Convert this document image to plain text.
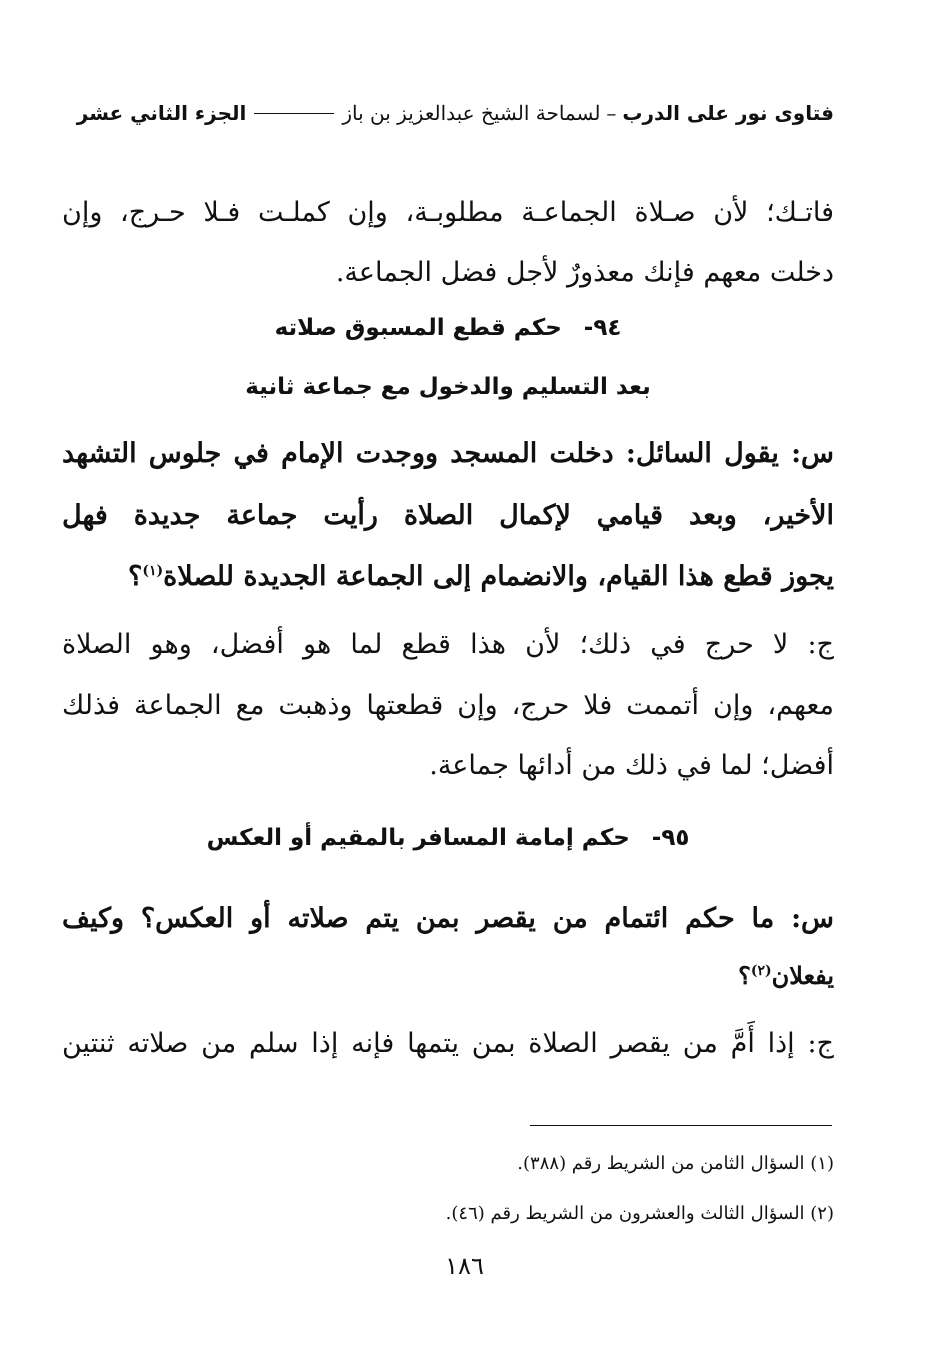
فتاوى نور على الدرب
–
لسماحة الشيخ عبدالعزيز بن باز
الجزء الثاني عشر
فاتـك؛ لأن صـلاة الجماعـة مطلوبـة، وإن كملـت فـلا حـرج، وإن
دخلت معهم فإنك معذورٌ لأجل فضل الجماعة.
٩٤-حكم قطع المسبوق صلاته
بعد التسليم والدخول مع جماعة ثانية
س: يقول السائل: دخلت المسجد ووجدت الإمام في جلوس التشهد
الأخير، وبعد قيامي لإكمال الصلاة رأيت جماعة جديدة فهل
يجوز قطع هذا القيام، والانضمام إلى الجماعة الجديدة للصلاة$^{(١)}$؟
ج: لا حرج في ذلك؛ لأن هذا قطع لما هو أفضل، وهو الصلاة
معهم، وإن أتممت فلا حرج، وإن قطعتها وذهبت مع الجماعة فذلك
أفضل؛ لما في ذلك من أدائها جماعة.
٩٥-حكم إمامة المسافر بالمقيم أو العكس
س: ما حكم ائتمام من يقصر بمن يتم صلاته أو العكس؟ وكيف
يفعلان$^{(٢)}$؟
ج: إذا أَمَّ من يقصر الصلاة بمن يتمها فإنه إذا سلم من صلاته ثنتين
(١) السؤال الثامن من الشريط رقم (٣٨٨).
(٢) السؤال الثالث والعشرون من الشريط رقم (٤٦).
١٨٦
